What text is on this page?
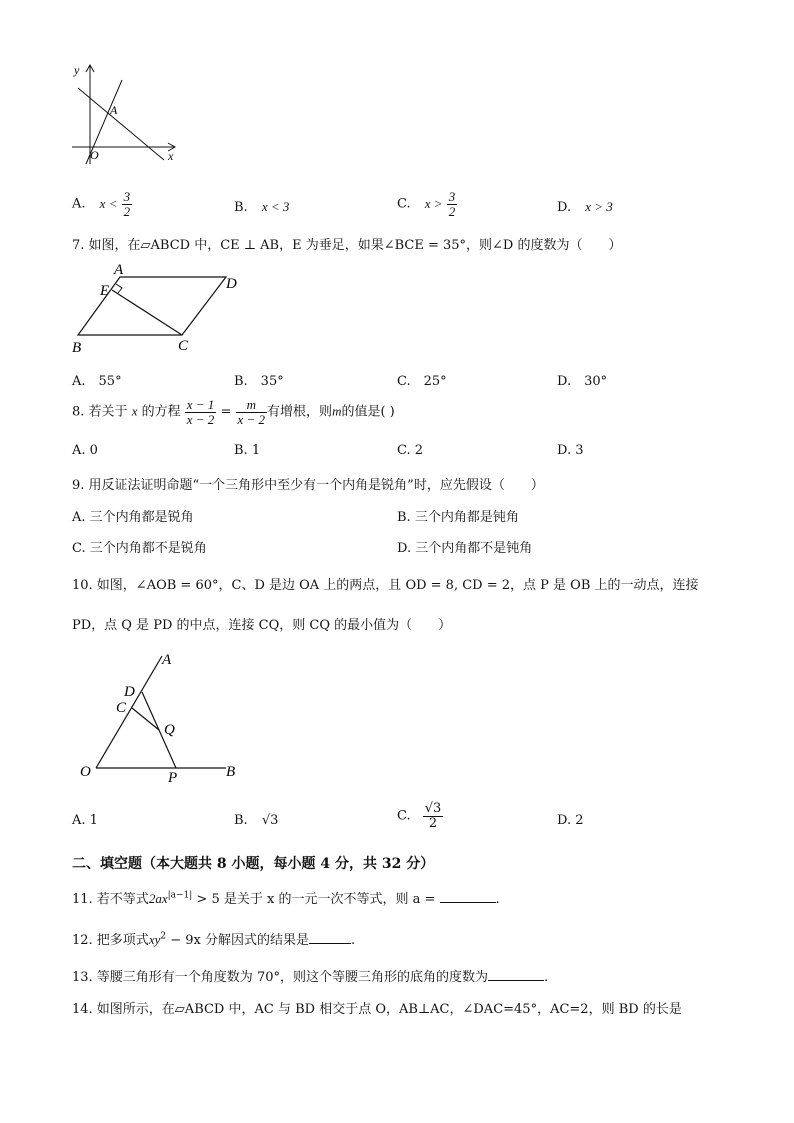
y
x
A
O
A. $x < \frac{3}{2}$	B. x < 3	C. $x > \frac{3}{2}$	D. x > 3
7. 如图，在▱ABCD 中，CE ⊥ AB，E 为垂足，如果∠BCE = 35°，则∠D 的度数为（　　）
A
D
E
B	C
A.　55°	B.　35°	C.　25°	D.　30°
8. 若关于 x 的方程 $\frac{x - 1}{x - 2} = \frac{m}{x - 2}$ 有增根，则m的值是( )
A. 0	B. 1	C. 2	D. 3
9. 用反证法证明命题“一个三角形中至少有一个内角是锐角”时，应先假设（　　）
A. 三个内角都是锐角	B. 三个内角都是钝角
C. 三个内角都不是锐角	D. 三个内角都不是钝角
10. 如图，∠AOB = 60°，C、D 是边 OA 上的两点，且 OD = 8, CD = 2，点 P 是 OB 上的一动点，连接
PD，点 Q 是 PD 的中点，连接 CQ，则 CQ 的最小值为（　　）
A
D
C
Q
O	P	B
A. 1	B. √3	C. $\frac{√3}{2}$	D. 2
二、填空题（本大题共 8 小题，每小题 4 分，共 32 分）
11. 若不等式$2ax^{|a-1|} > 5$ 是关于 x 的一元一次不等式，则 a =	.
12. 把多项式$xy^2 - 9x$ 分解因式的结果是	.
13. 等腰三角形有一个角度数为 70°，则这个等腰三角形的底角的度数为	.
14. 如图所示，在▱ABCD 中，AC 与 BD 相交于点 O，AB⊥AC，∠DAC=45°，AC=2，则 BD 的长是
